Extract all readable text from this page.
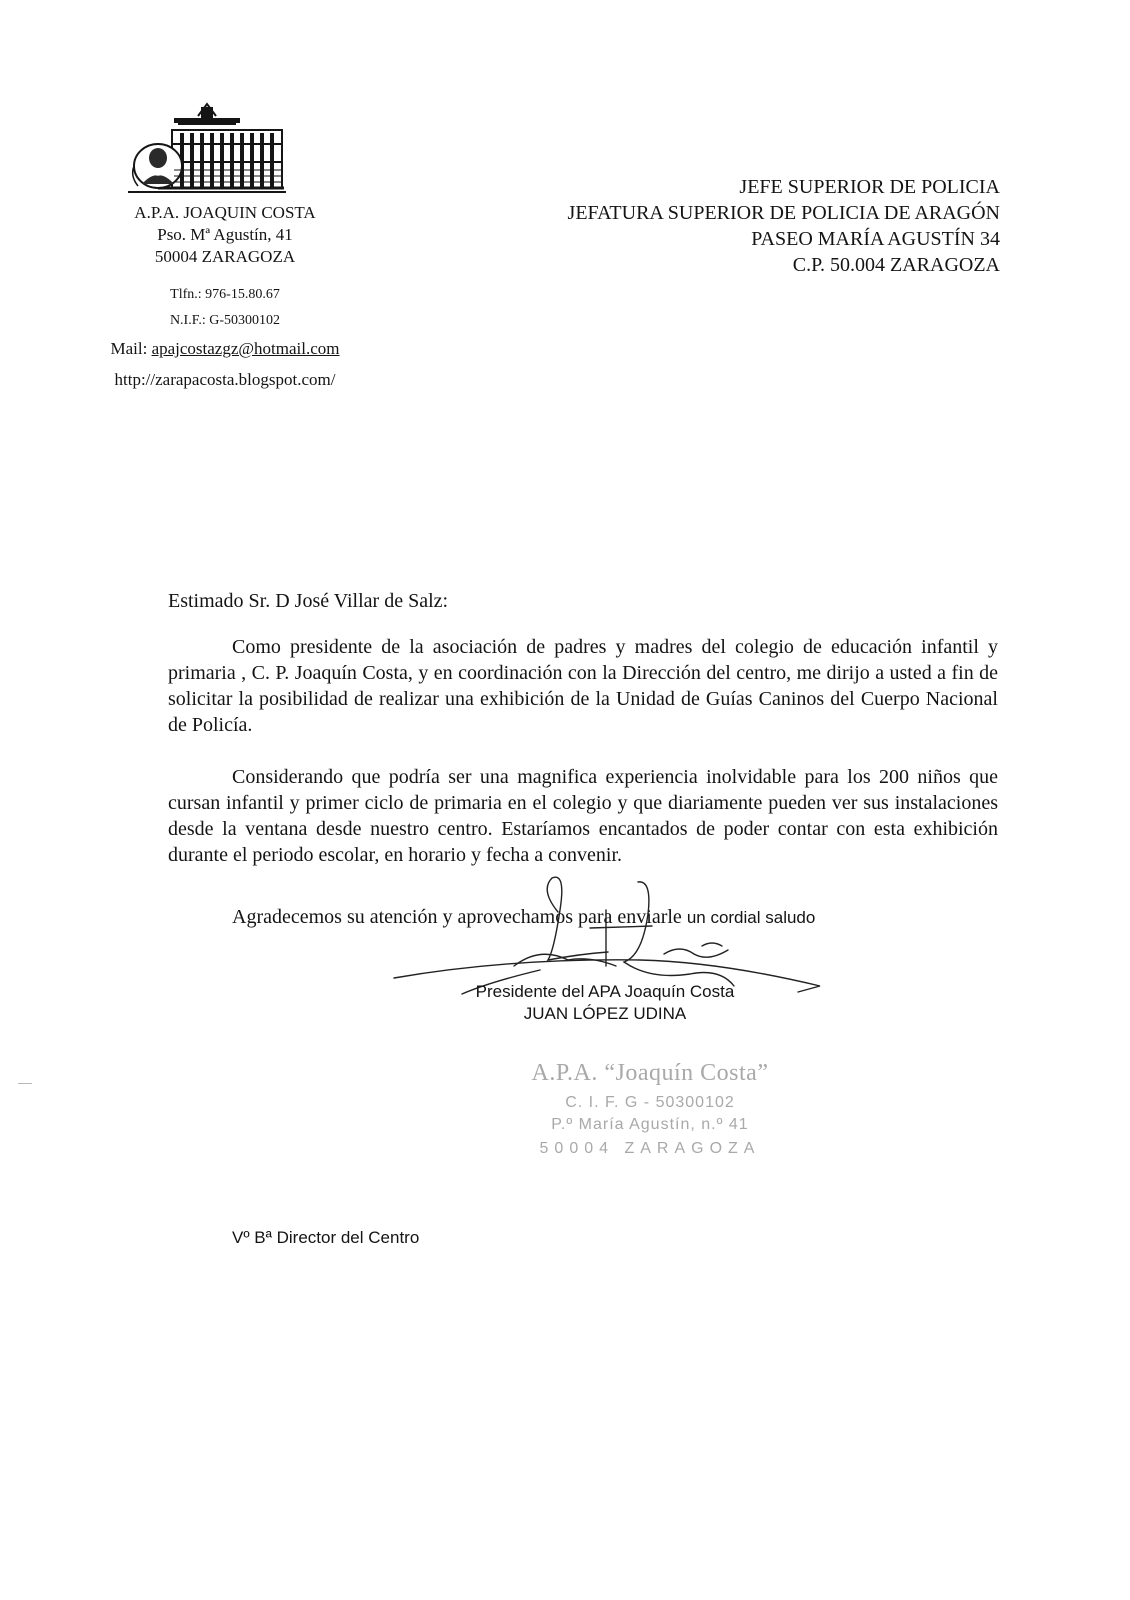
A.P.A. JOAQUIN COSTA
Pso. Mª Agustín, 41
50004 ZARAGOZA
Tlfn.: 976-15.80.67
N.I.F.: G-50300102
Mail: apajcostazgz@hotmail.com
http://zarapacosta.blogspot.com/
JEFE SUPERIOR DE POLICIA
JEFATURA SUPERIOR DE POLICIA DE ARAGÓN
PASEO MARÍA AGUSTÍN 34
C.P. 50.004 ZARAGOZA
Estimado Sr. D José Villar de Salz:
Como presidente de la asociación de padres y madres del colegio de educación infantil y primaria , C. P. Joaquín Costa, y en coordinación con la Dirección del centro, me dirijo a usted a fin de solicitar la posibilidad de realizar una exhibición de la Unidad de Guías Caninos del Cuerpo Nacional de Policía.
Considerando que podría ser una magnifica experiencia inolvidable para los 200 niños que cursan infantil y primer ciclo de primaria en el colegio y que diariamente pueden ver sus instalaciones desde la ventana desde nuestro centro. Estaríamos encantados de poder contar con esta exhibición durante el periodo escolar, en horario y fecha a convenir.
Agradecemos su atención y aprovechamos para enviarle un cordial saludo
Presidente del APA Joaquín Costa
JUAN LÓPEZ UDINA
A.P.A. “Joaquín Costa”
C. I. F. G - 50300102
P.º María Agustín, n.º 41
50004 ZARAGOZA
Vº Bª Director del Centro
